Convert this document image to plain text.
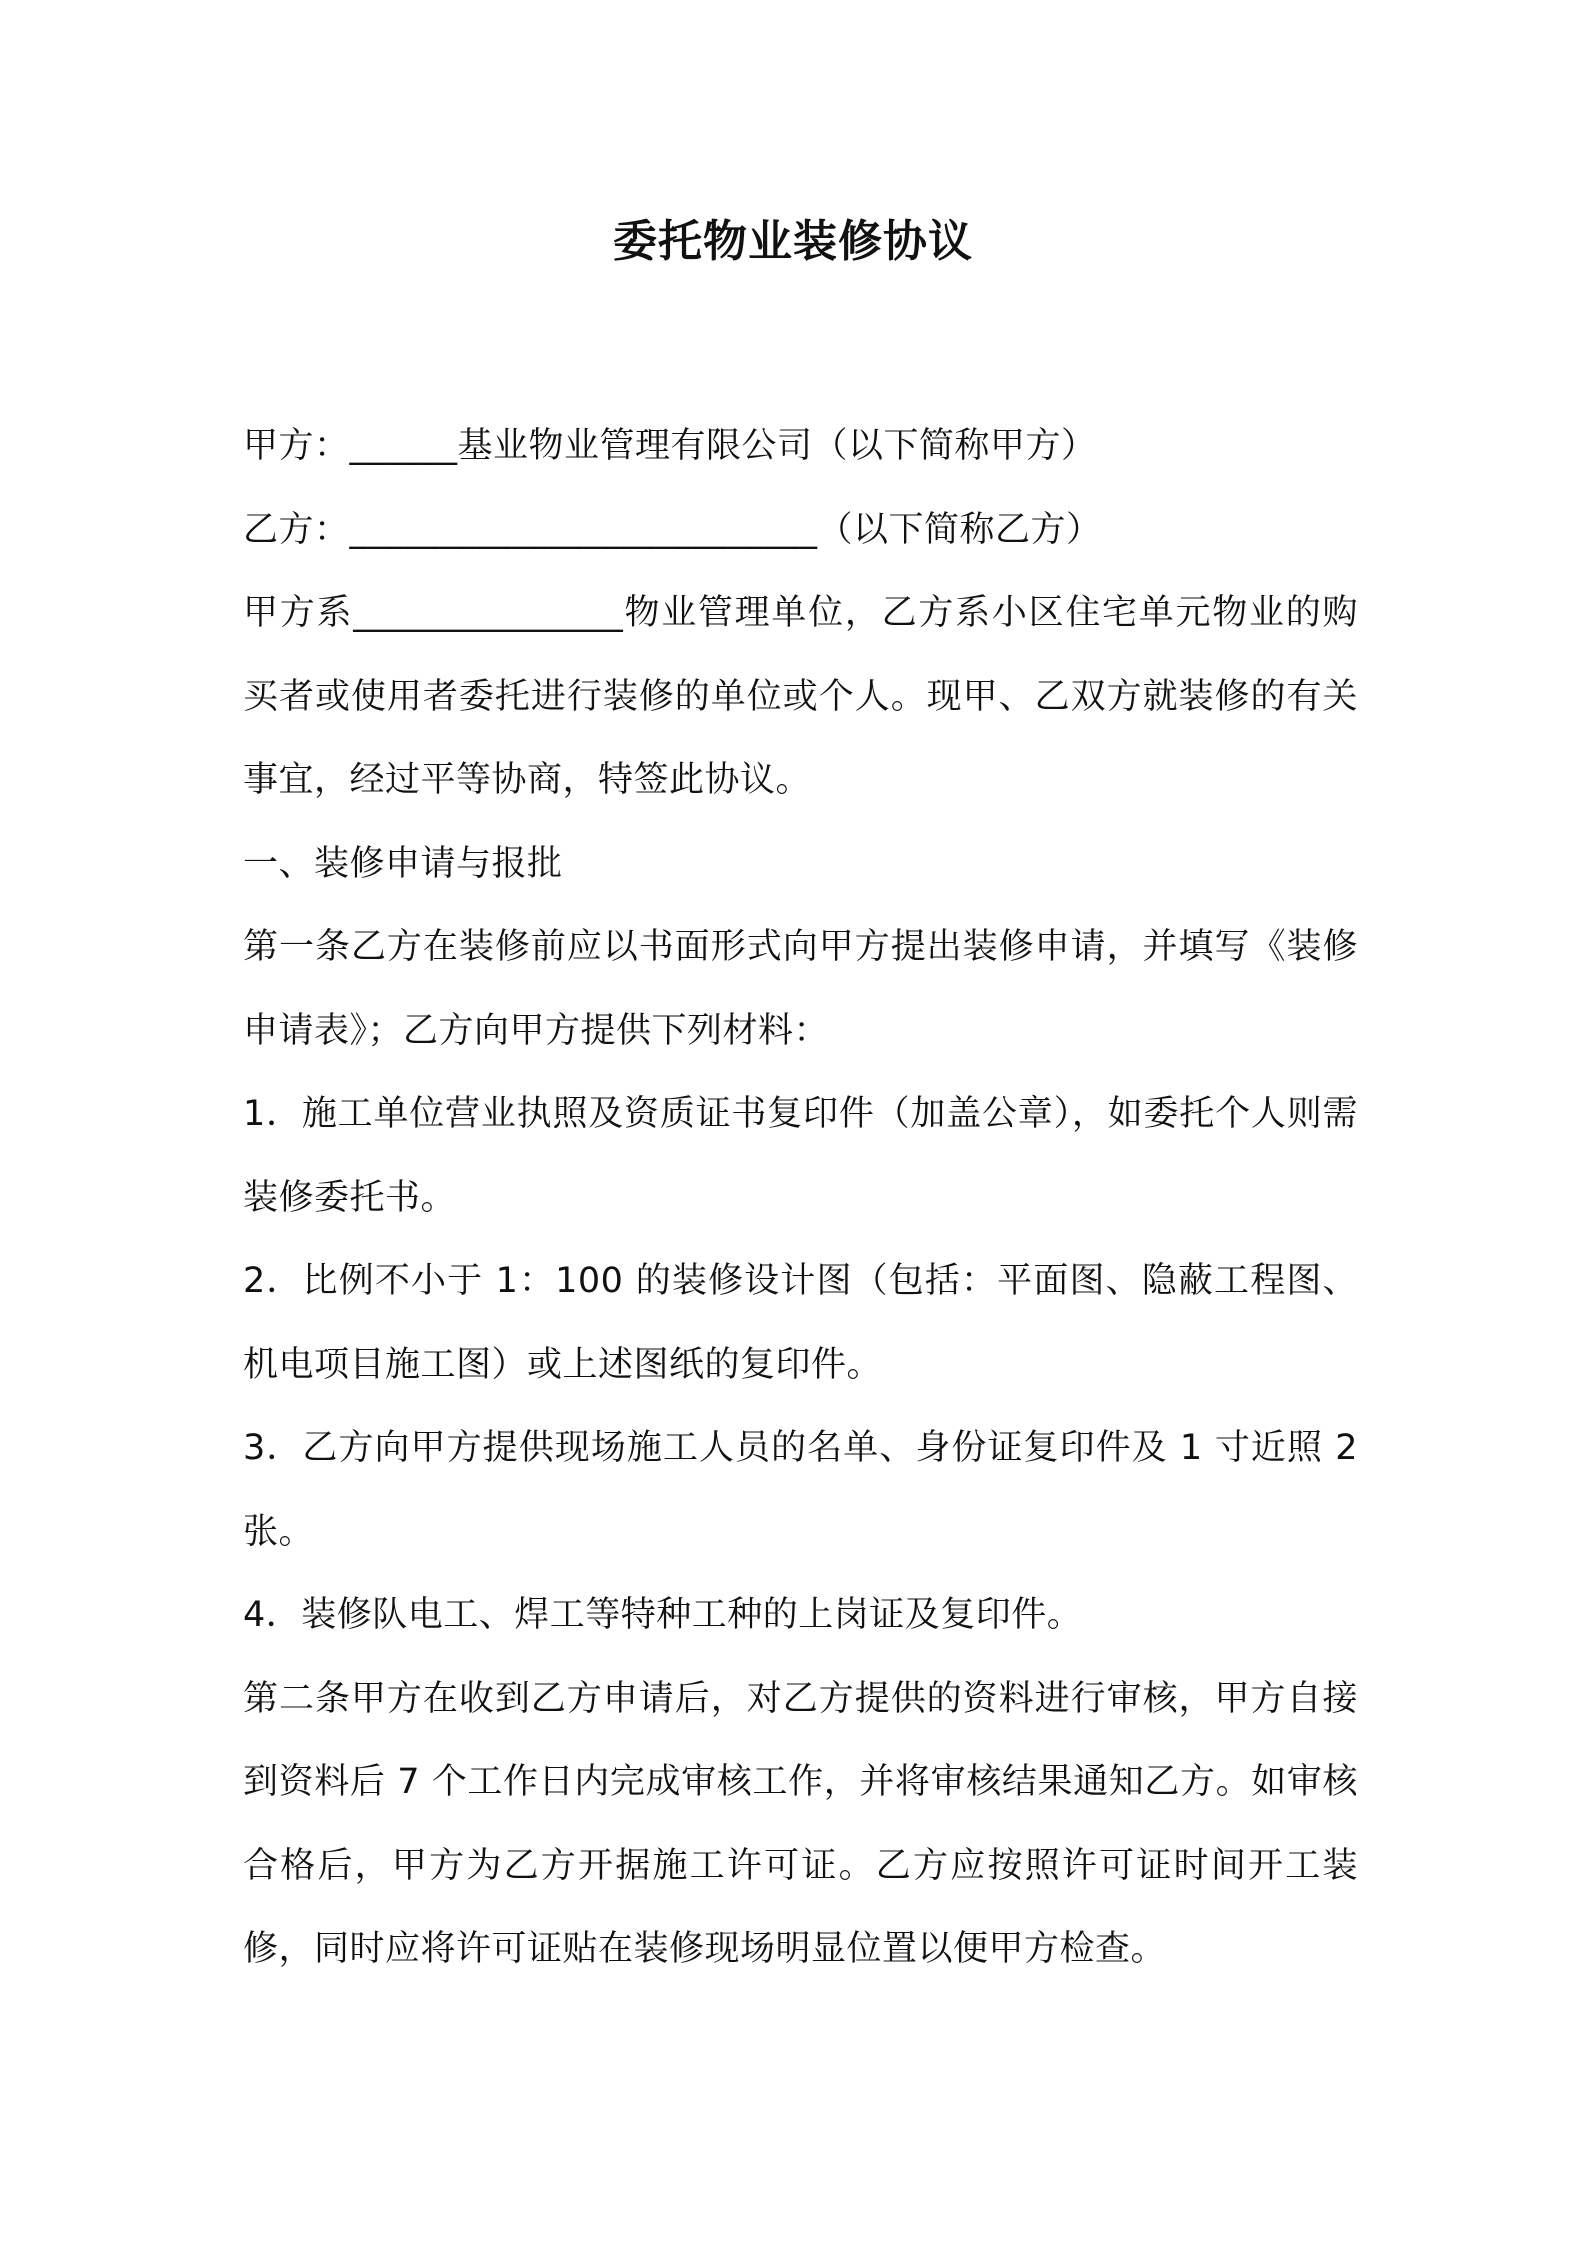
委托物业装修协议

甲方：______基业物业管理有限公司（以下简称甲方）

乙方：__________________________（以下简称乙方）

甲方系_______________物业管理单位，乙方系小区住宅单元物业的购买者或使用者委托进行装修的单位或个人。现甲、乙双方就装修的有关事宜，经过平等协商，特签此协议。

一、装修申请与报批

第一条乙方在装修前应以书面形式向甲方提出装修申请，并填写《装修申请表》；乙方向甲方提供下列材料：

1．施工单位营业执照及资质证书复印件（加盖公章），如委托个人则需装修委托书。

2．比例不小于 1：100 的装修设计图（包括：平面图、隐蔽工程图、机电项目施工图）或上述图纸的复印件。

3．乙方向甲方提供现场施工人员的名单、身份证复印件及 1 寸近照 2 张。

4．装修队电工、焊工等特种工种的上岗证及复印件。

第二条甲方在收到乙方申请后，对乙方提供的资料进行审核，甲方自接到资料后 7 个工作日内完成审核工作，并将审核结果通知乙方。如审核合格后，甲方为乙方开据施工许可证。乙方应按照许可证时间开工装修，同时应将许可证贴在装修现场明显位置以便甲方检查。
